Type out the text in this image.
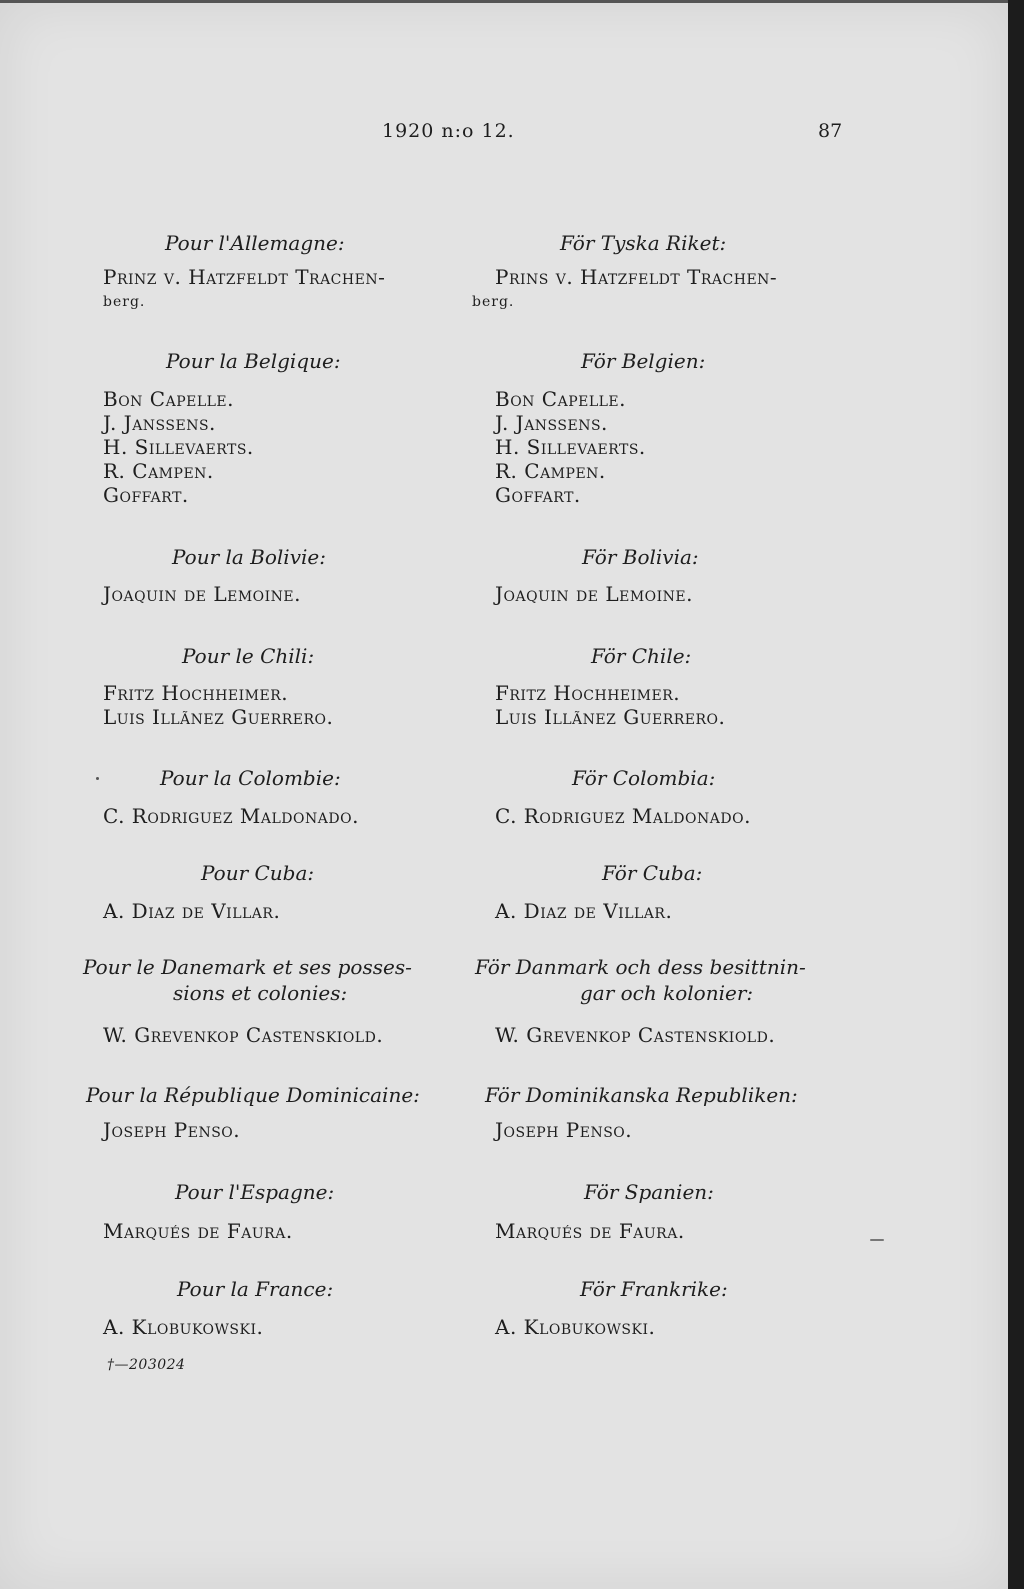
1920 n:o 12.	87
Pour l'Allemagne:
Prinz v. Hatzfeldt Trachen-
berg.
Pour la Belgique:
Bon Capelle.
J. Janssens.
H. Sillevaerts.
R. Campen.
Goffart.
Pour la Bolivie:
Joaquin de Lemoine.
Pour le Chili:
Fritz Hochheimer.
Luis Illãnez Guerrero.
Pour la Colombie:
C. Rodriguez Maldonado.
Pour Cuba:
A. Diaz de Villar.
Pour le Danemark et ses posses-
sions et colonies:
W. Grevenkop Castenskiold.
Pour la République Dominicaine:
Joseph Penso.
Pour l'Espagne:
Marqués de Faura.
Pour la France:
A. Klobukowski.
För Tyska Riket:
Prins v. Hatzfeldt Trachen-
berg.
För Belgien:
Bon Capelle.
J. Janssens.
H. Sillevaerts.
R. Campen.
Goffart.
För Bolivia:
Joaquin de Lemoine.
För Chile:
Fritz Hochheimer.
Luis Illãnez Guerrero.
För Colombia:
C. Rodriguez Maldonado.
För Cuba:
A. Diaz de Villar.
För Danmark och dess besittnin-
gar och kolonier:
W. Grevenkop Castenskiold.
För Dominikanska Republiken:
Joseph Penso.
För Spanien:
Marqués de Faura.
För Frankrike:
A. Klobukowski.
†—203024
